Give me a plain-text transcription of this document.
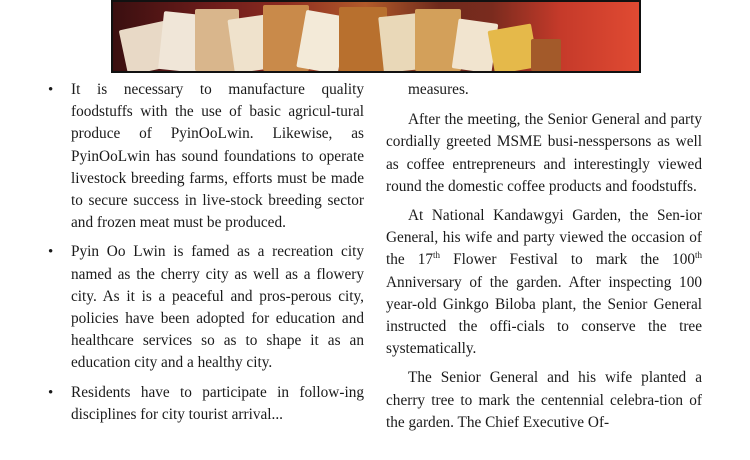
• It is necessary to manufacture quality foodstuffs with the use of basic agricul-tural produce of PyinOoLwin. Likewise, as PyinOoLwin has sound foundations to operate livestock breeding farms, efforts must be made to secure success in live-stock breeding sector and frozen meat must be produced.
• Pyin Oo Lwin is famed as a recreation city named as the cherry city as well as a flowery city. As it is a peaceful and pros-perous city, policies have been adopted for education and healthcare services so as to shape it as an education city and a healthy city.
• Residents have to participate in follow-ing disciplines for city tourist arrival...

measures.

After the meeting, the Senior General and party cordially greeted MSME busi-nesspersons as well as coffee entrepreneurs and interestingly viewed round the domestic coffee products and foodstuffs.

At National Kandawgyi Garden, the Sen-ior General, his wife and party viewed the occasion of the 17th Flower Festival to mark the 100th Anniversary of the garden. After inspecting 100 year-old Ginkgo Biloba plant, the Senior General instructed the offi-cials to conserve the tree systematically.

The Senior General and his wife planted a cherry tree to mark the centennial celebra-tion of the garden. The Chief Executive Of-
